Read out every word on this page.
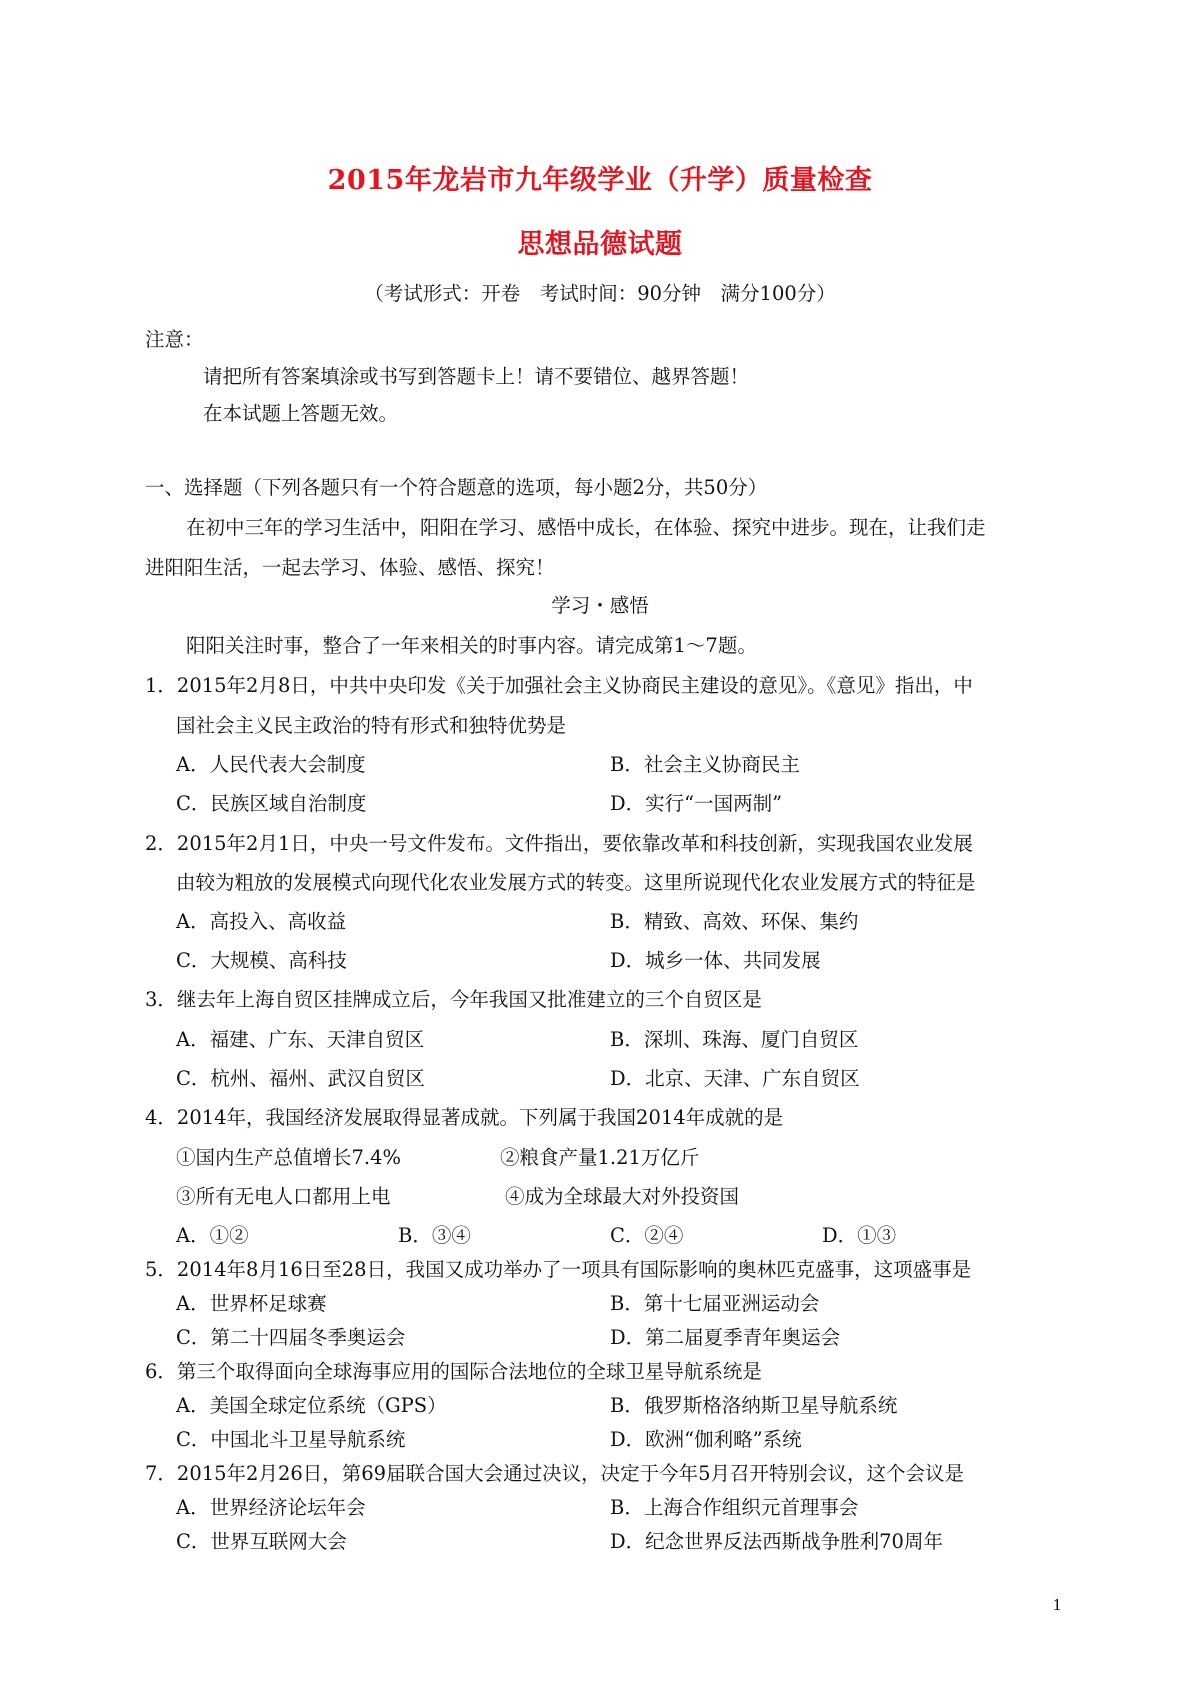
2015年龙岩市九年级学业（升学）质量检查
思想品德试题
（考试形式：开卷　考试时间：90分钟　满分100分）
注意：
请把所有答案填涂或书写到答题卡上！请不要错位、越界答题！
在本试题上答题无效。
一、选择题（下列各题只有一个符合题意的选项，每小题2分，共50分）
在初中三年的学习生活中，阳阳在学习、感悟中成长，在体验、探究中进步。现在，让我们走
进阳阳生活，一起去学习、体验、感悟、探究！
学习・感悟
阳阳关注时事，整合了一年来相关的时事内容。请完成第1～7题。
1．2015年2月8日，中共中央印发《关于加强社会主义协商民主建设的意见》。《意见》指出，中
国社会主义民主政治的特有形式和独特优势是
A．人民代表大会制度	B．社会主义协商民主
C．民族区域自治制度	D．实行“一国两制”
2．2015年2月1日，中央一号文件发布。文件指出，要依靠改革和科技创新，实现我国农业发展
由较为粗放的发展模式向现代化农业发展方式的转变。这里所说现代化农业发展方式的特征是
A．高投入、高收益	B．精致、高效、环保、集约
C．大规模、高科技	D．城乡一体、共同发展
3．继去年上海自贸区挂牌成立后，今年我国又批准建立的三个自贸区是
A．福建、广东、天津自贸区	B．深圳、珠海、厦门自贸区
C．杭州、福州、武汉自贸区	D．北京、天津、广东自贸区
4．2014年，我国经济发展取得显著成就。下列属于我国2014年成就的是
①国内生产总值增长7.4%	②粮食产量1.21万亿斤
③所有无电人口都用上电	④成为全球最大对外投资国
A．①②	B．③④	C．②④	D．①③
5．2014年8月16日至28日，我国又成功举办了一项具有国际影响的奥林匹克盛事，这项盛事是
A．世界杯足球赛	B．第十七届亚洲运动会
C．第二十四届冬季奥运会	D．第二届夏季青年奥运会
6．第三个取得面向全球海事应用的国际合法地位的全球卫星导航系统是
A．美国全球定位系统（GPS）	B．俄罗斯格洛纳斯卫星导航系统
C．中国北斗卫星导航系统	D．欧洲“伽利略”系统
7．2015年2月26日，第69届联合国大会通过决议，决定于今年5月召开特别会议，这个会议是
A．世界经济论坛年会	B．上海合作组织元首理事会
C．世界互联网大会	D．纪念世界反法西斯战争胜利70周年
1
